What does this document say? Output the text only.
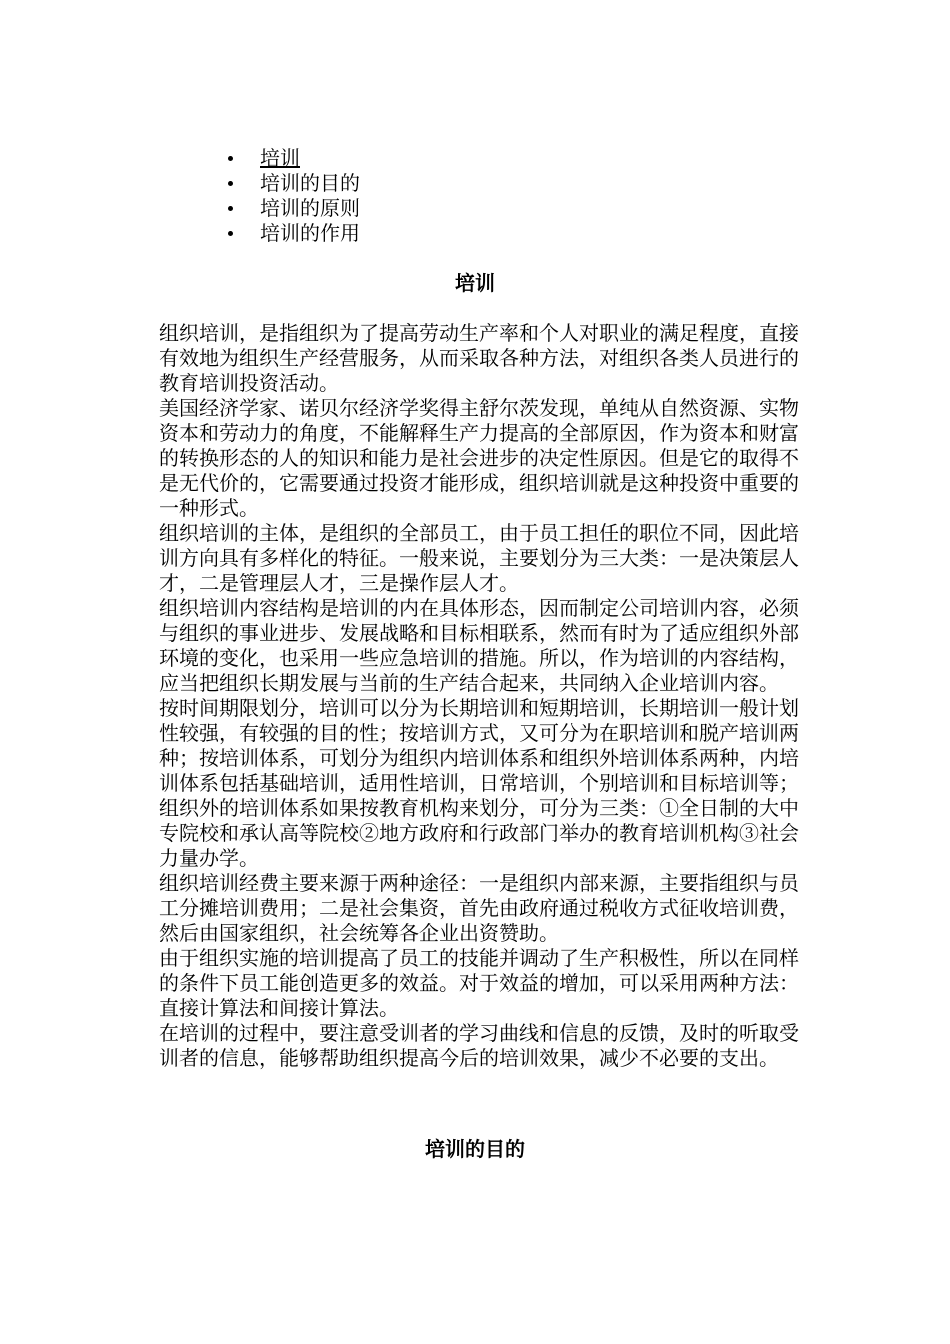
培训
培训的目的
培训的原则
培训的作用
培训

组织培训，是指组织为了提高劳动生产率和个人对职业的满足程度，直接有效地为组织生产经营服务，从而采取各种方法，对组织各类人员进行的教育培训投资活动。

美国经济学家、诺贝尔经济学奖得主舒尔茨发现，单纯从自然资源、实物资本和劳动力的角度，不能解释生产力提高的全部原因，作为资本和财富的转换形态的人的知识和能力是社会进步的决定性原因。但是它的取得不是无代价的，它需要通过投资才能形成，组织培训就是这种投资中重要的一种形式。

组织培训的主体，是组织的全部员工，由于员工担任的职位不同，因此培训方向具有多样化的特征。一般来说，主要划分为三大类：一是决策层人才，二是管理层人才，三是操作层人才。

组织培训内容结构是培训的内在具体形态，因而制定公司培训内容，必须与组织的事业进步、发展战略和目标相联系，然而有时为了适应组织外部环境的变化，也采用一些应急培训的措施。所以，作为培训的内容结构，应当把组织长期发展与当前的生产结合起来，共同纳入企业培训内容。

按时间期限划分，培训可以分为长期培训和短期培训，长期培训一般计划性较强，有较强的目的性；按培训方式，又可分为在职培训和脱产培训两种；按培训体系，可划分为组织内培训体系和组织外培训体系两种，内培训体系包括基础培训，适用性培训，日常培训，个别培训和目标培训等；组织外的培训体系如果按教育机构来划分，可分为三类：①全日制的大中专院校和承认高等院校②地方政府和行政部门举办的教育培训机构③社会力量办学。

组织培训经费主要来源于两种途径：一是组织内部来源，主要指组织与员工分摊培训费用；二是社会集资，首先由政府通过税收方式征收培训费，然后由国家组织，社会统筹各企业出资赞助。

由于组织实施的培训提高了员工的技能并调动了生产积极性，所以在同样的条件下员工能创造更多的效益。对于效益的增加，可以采用两种方法：直接计算法和间接计算法。

在培训的过程中，要注意受训者的学习曲线和信息的反馈，及时的听取受训者的信息，能够帮助组织提高今后的培训效果，减少不必要的支出。

培训的目的
